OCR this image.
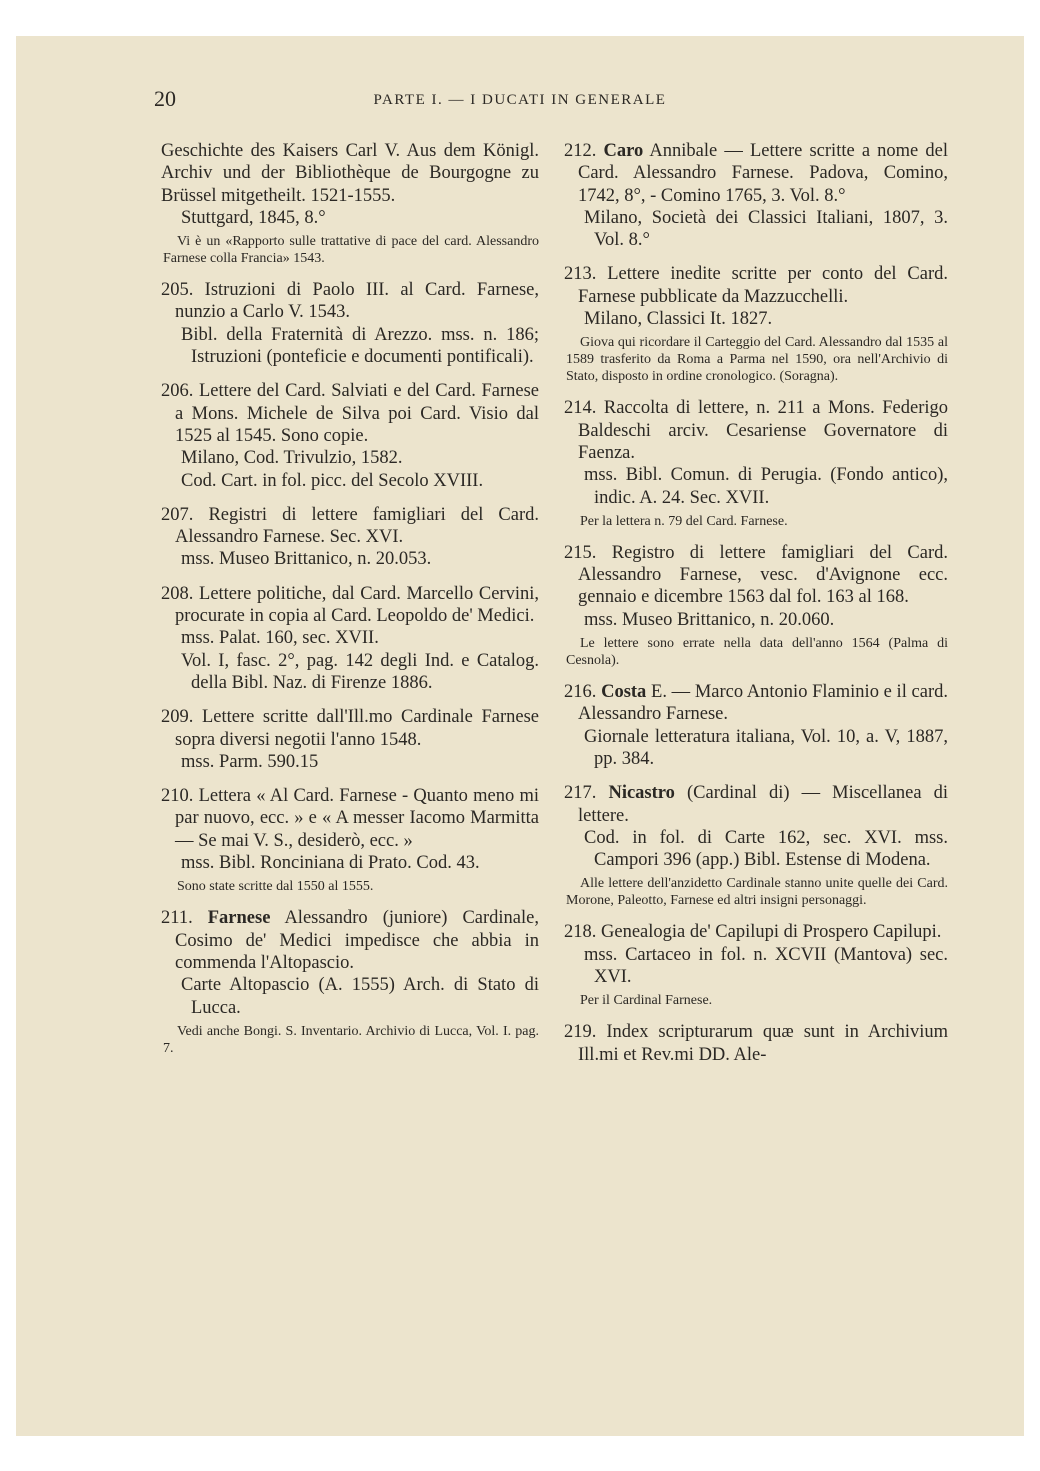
20	PARTE I. — I DUCATI IN GENERALE
Geschichte des Kaisers Carl V. Aus dem Königl. Archiv und der Bibliothèque de Bourgogne zu Brüssel mitgetheilt. 1521-1555.
Stuttgard, 1845, 8.°
Vi è un «Rapporto sulle trattative di pace del card. Alessandro Farnese colla Francia» 1543.
205. Istruzioni di Paolo III. al Card. Farnese, nunzio a Carlo V. 1543.
Bibl. della Fraternità di Arezzo. mss. n. 186; Istruzioni (ponteficie e documenti pontificali).
206. Lettere del Card. Salviati e del Card. Farnese a Mons. Michele de Silva poi Card. Visio dal 1525 al 1545. Sono copie.
Milano, Cod. Trivulzio, 1582.
Cod. Cart. in fol. picc. del Secolo XVIII.
207. Registri di lettere famigliari del Card. Alessandro Farnese. Sec. XVI.
mss. Museo Brittanico, n. 20.053.
208. Lettere politiche, dal Card. Marcello Cervini, procurate in copia al Card. Leopoldo de' Medici.
mss. Palat. 160, sec. XVII.
Vol. I, fasc. 2°, pag. 142 degli Ind. e Catalog. della Bibl. Naz. di Firenze 1886.
209. Lettere scritte dall'Ill.mo Cardinale Farnese sopra diversi negotii l'anno 1548.
mss. Parm. 590.15
210. Lettera « Al Card. Farnese - Quanto meno mi par nuovo, ecc. » e « A messer Iacomo Marmitta — Se mai V. S., desiderò, ecc. »
mss. Bibl. Ronciniana di Prato. Cod. 43.
Sono state scritte dal 1550 al 1555.
211. Farnese Alessandro (juniore) Cardinale, Cosimo de' Medici impedisce che abbia in commenda l'Altopascio.
Carte Altopascio (A. 1555) Arch. di Stato di Lucca.
Vedi anche Bongi. S. Inventario. Archivio di Lucca, Vol. I. pag. 7.
212. Caro Annibale — Lettere scritte a nome del Card. Alessandro Farnese. Padova, Comino, 1742, 8°, - Comino 1765, 3. Vol. 8.°
Milano, Società dei Classici Italiani, 1807, 3. Vol. 8.°
213. Lettere inedite scritte per conto del Card. Farnese pubblicate da Mazzucchelli.
Milano, Classici It. 1827.
Giova qui ricordare il Carteggio del Card. Alessandro dal 1535 al 1589 trasferito da Roma a Parma nel 1590, ora nell'Archivio di Stato, disposto in ordine cronologico. (Soragna).
214. Raccolta di lettere, n. 211 a Mons. Federigo Baldeschi arciv. Cesariense Governatore di Faenza.
mss. Bibl. Comun. di Perugia. (Fondo antico), indic. A. 24. Sec. XVII.
Per la lettera n. 79 del Card. Farnese.
215. Registro di lettere famigliari del Card. Alessandro Farnese, vesc. d'Avignone ecc. gennaio e dicembre 1563 dal fol. 163 al 168.
mss. Museo Brittanico, n. 20.060.
Le lettere sono errate nella data dell'anno 1564 (Palma di Cesnola).
216. Costa E. — Marco Antonio Flaminio e il card. Alessandro Farnese.
Giornale letteratura italiana, Vol. 10, a. V, 1887, pp. 384.
217. Nicastro (Cardinal di) — Miscellanea di lettere.
Cod. in fol. di Carte 162, sec. XVI. mss. Campori 396 (app.) Bibl. Estense di Modena.
Alle lettere dell'anzidetto Cardinale stanno unite quelle dei Card. Morone, Paleotto, Farnese ed altri insigni personaggi.
218. Genealogia de' Capilupi di Prospero Capilupi.
mss. Cartaceo in fol. n. XCVII (Mantova) sec. XVI.
Per il Cardinal Farnese.
219. Index scripturarum quæ sunt in Archivium Ill.mi et Rev.mi DD. Ale-
